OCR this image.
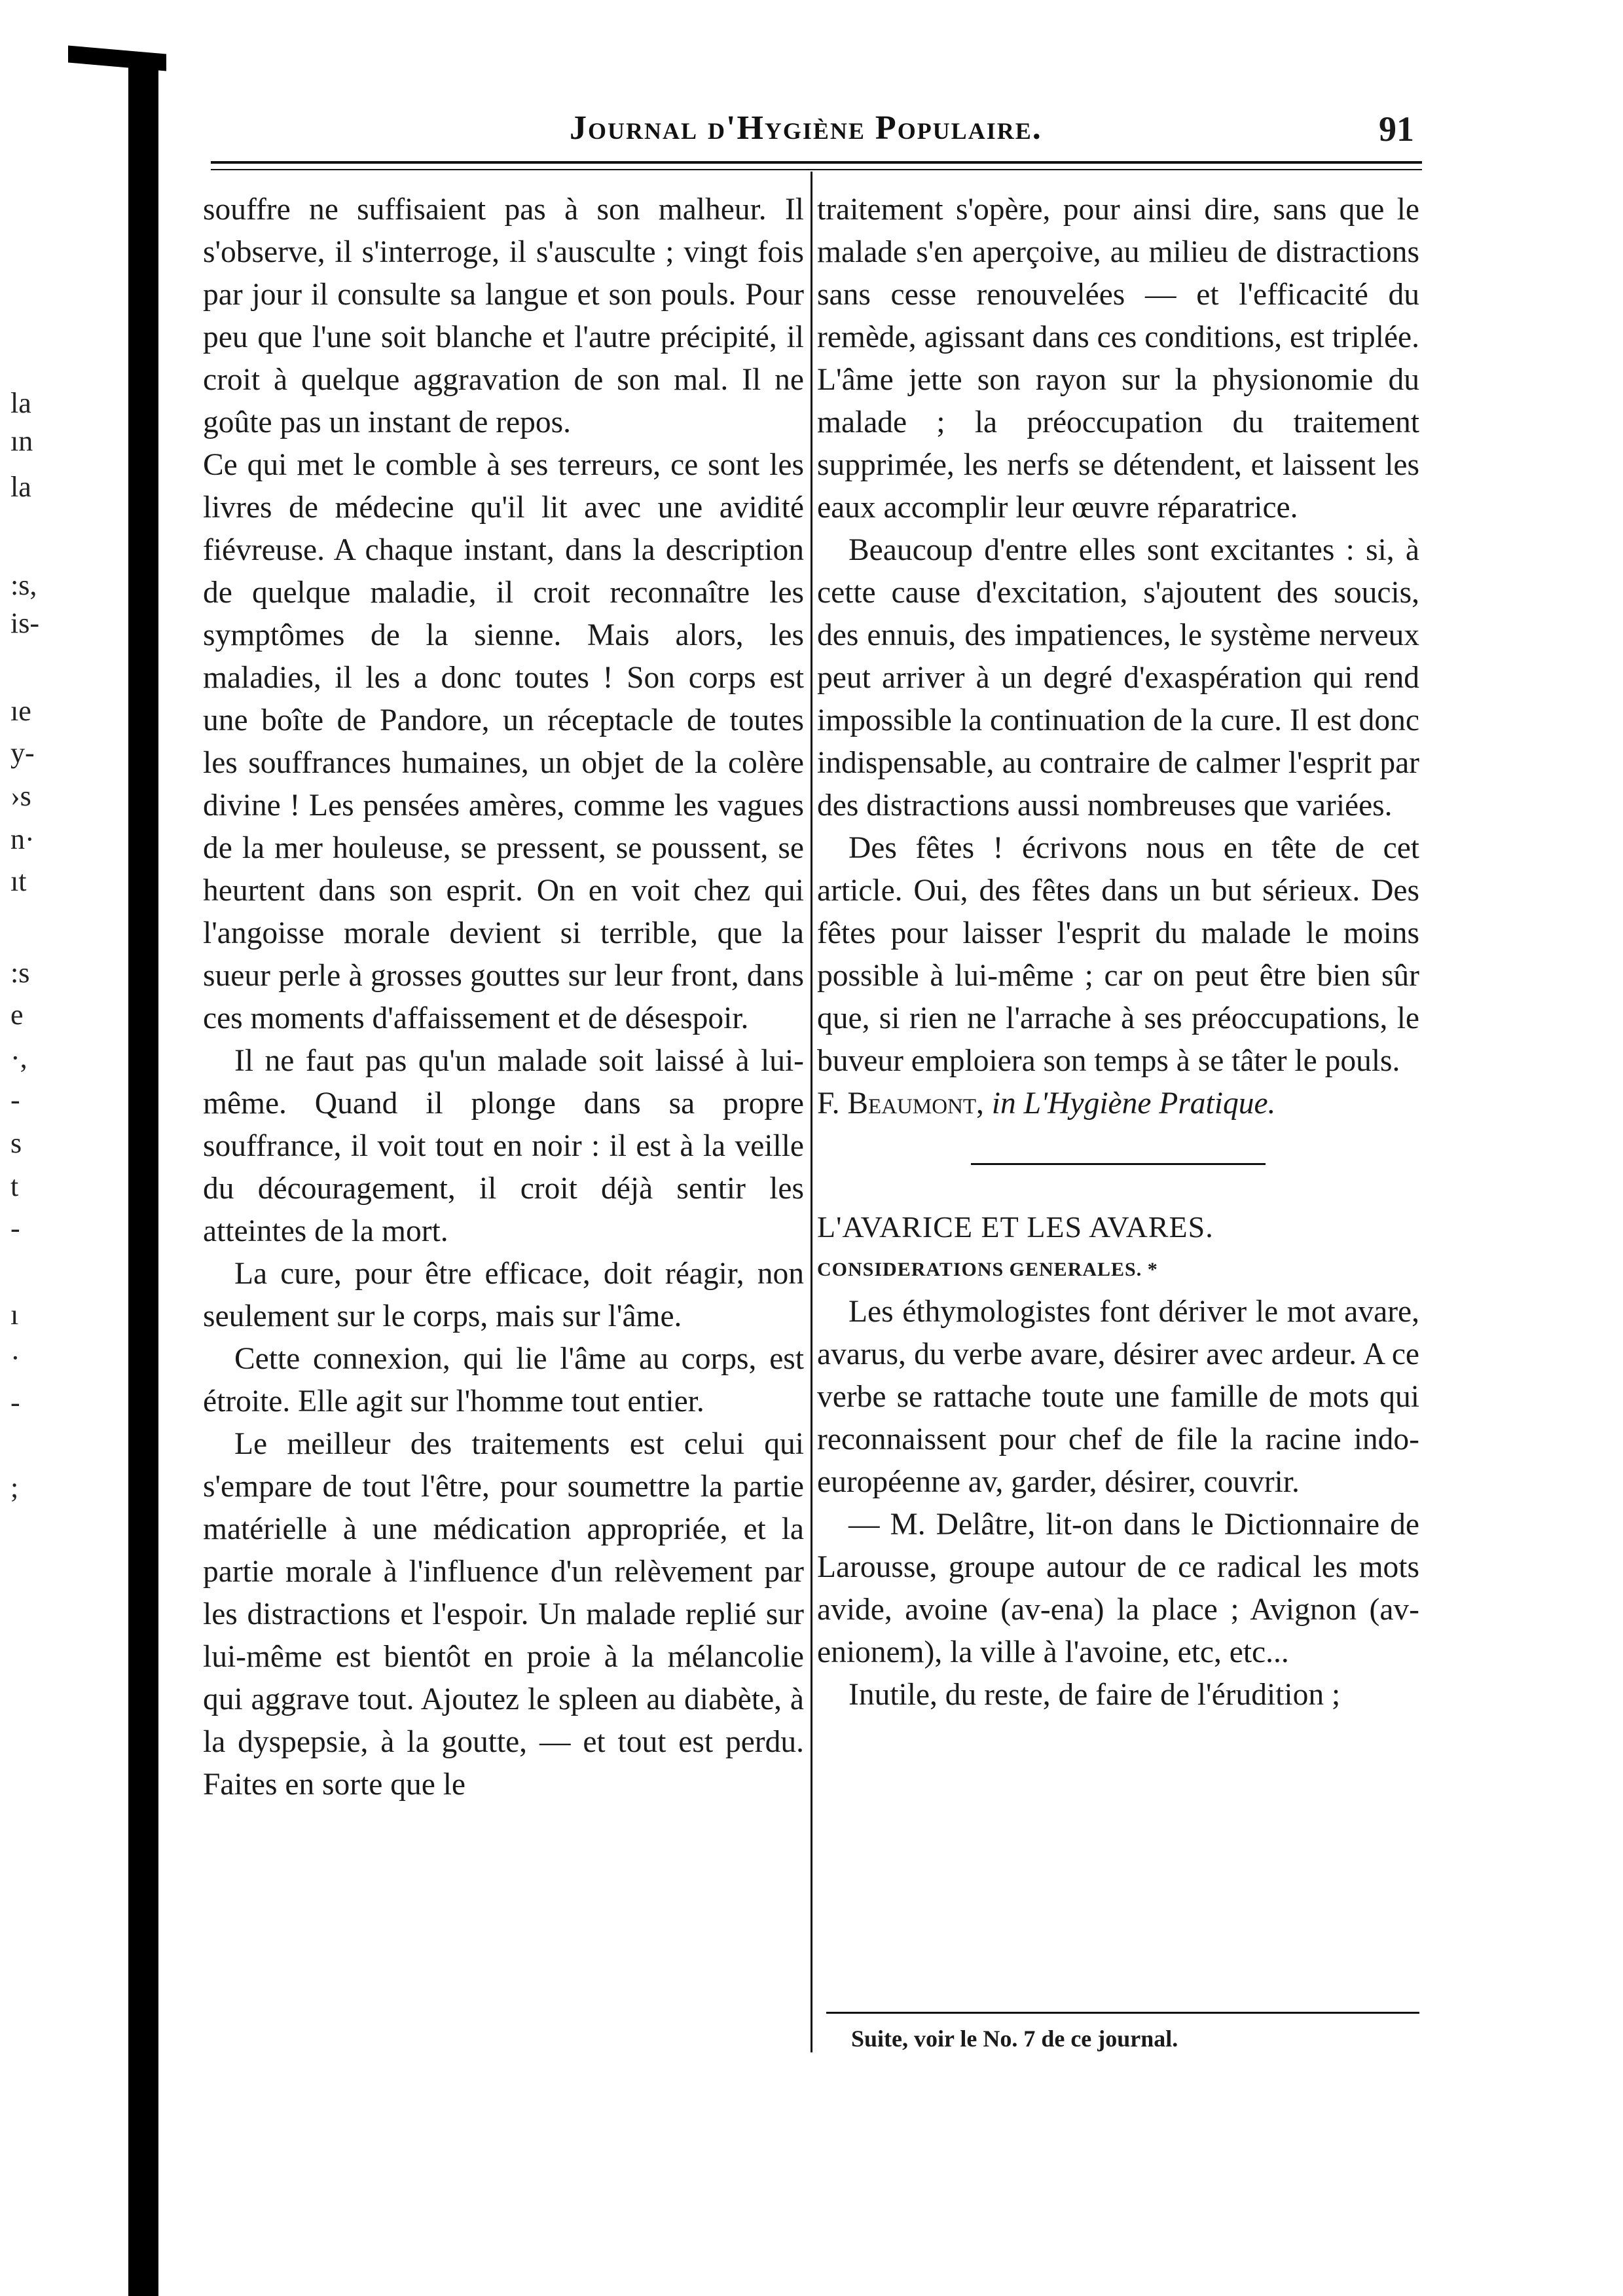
la
ın
la
:s,
is-
ıe
y-
›s
n·
ıt
:s
e
·,
-
s
t
-
ı
·
-
;
Journal d'Hygiène Populaire.	91

souffre ne suffisaient pas à son malheur. Il s'observe, il s'interroge, il s'ausculte ; vingt fois par jour il consulte sa langue et son pouls. Pour peu que l'une soit blanche et l'autre précipité, il croit à quelque aggravation de son mal. Il ne goûte pas un instant de repos.

Ce qui met le comble à ses terreurs, ce sont les livres de médecine qu'il lit avec une avidité fiévreuse. A chaque instant, dans la description de quelque maladie, il croit reconnaître les symptômes de la sienne. Mais alors, les maladies, il les a donc toutes ! Son corps est une boîte de Pandore, un réceptacle de toutes les souffrances humaines, un objet de la colère divine ! Les pensées amères, comme les vagues de la mer houleuse, se pressent, se poussent, se heurtent dans son esprit. On en voit chez qui l'angoisse morale devient si terrible, que la sueur perle à grosses gouttes sur leur front, dans ces moments d'affaissement et de désespoir.

Il ne faut pas qu'un malade soit laissé à lui-même. Quand il plonge dans sa propre souffrance, il voit tout en noir : il est à la veille du découragement, il croit déjà sentir les atteintes de la mort.

La cure, pour être efficace, doit réagir, non seulement sur le corps, mais sur l'âme.

Cette connexion, qui lie l'âme au corps, est étroite. Elle agit sur l'homme tout entier.

Le meilleur des traitements est celui qui s'empare de tout l'être, pour soumettre la partie matérielle à une médication appropriée, et la partie morale à l'influence d'un relèvement par les distractions et l'espoir. Un malade replié sur lui-même est bientôt en proie à la mélancolie qui aggrave tout. Ajoutez le spleen au diabète, à la dyspepsie, à la goutte, — et tout est perdu. Faites en sorte que le

traitement s'opère, pour ainsi dire, sans que le malade s'en aperçoive, au milieu de distractions sans cesse renouvelées — et l'efficacité du remède, agissant dans ces conditions, est triplée. L'âme jette son rayon sur la physionomie du malade ; la préoccupation du traitement supprimée, les nerfs se détendent, et laissent les eaux accomplir leur œuvre réparatrice.

Beaucoup d'entre elles sont excitantes : si, à cette cause d'excitation, s'ajoutent des soucis, des ennuis, des impatiences, le système nerveux peut arriver à un degré d'exaspération qui rend impossible la continuation de la cure. Il est donc indispensable, au contraire de calmer l'esprit par des distractions aussi nombreuses que variées.

Des fêtes ! écrivons nous en tête de cet article. Oui, des fêtes dans un but sérieux. Des fêtes pour laisser l'esprit du malade le moins possible à lui-même ; car on peut être bien sûr que, si rien ne l'arrache à ses préoccupations, le buveur emploiera son temps à se tâter le pouls.

F. Beaumont, in L'Hygiène Pratique.

L'AVARICE ET LES AVARES.

CONSIDERATIONS GENERALES. *

Les éthymologistes font dériver le mot avare, avarus, du verbe avare, désirer avec ardeur. A ce verbe se rattache toute une famille de mots qui reconnaissent pour chef de file la racine indo-européenne av, garder, désirer, couvrir.

— M. Delâtre, lit-on dans le Dictionnaire de Larousse, groupe autour de ce radical les mots avide, avoine (av-ena) la place ; Avignon (av-enionem), la ville à l'avoine, etc, etc...

Inutile, du reste, de faire de l'érudition ;

Suite, voir le No. 7 de ce journal.
